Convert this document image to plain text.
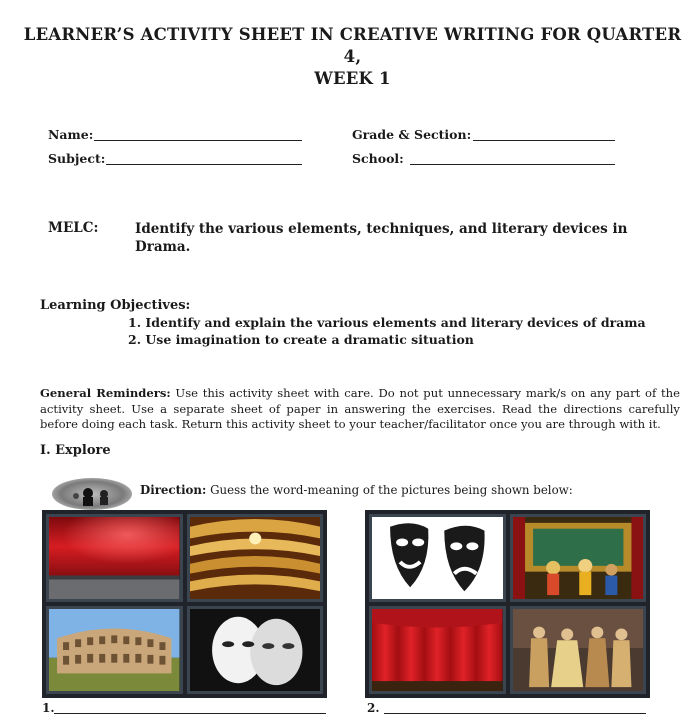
LEARNER’S ACTIVITY SHEET IN CREATIVE WRITING FOR QUARTER 4,
WEEK 1
Name:	Grade & Section:
Subject:	School:
MELC:	Identify the various elements, techniques, and literary devices in Drama.
Learning Objectives:
1. Identify and explain the various elements and literary devices of drama
2. Use imagination to create a dramatic situation
General Reminders: Use this activity sheet with care. Do not put unnecessary mark/s on any part of the activity sheet. Use a separate sheet of paper in answering the exercises. Read the directions carefully before doing each task. Return this activity sheet to your teacher/facilitator once you are through with it.
I. Explore
Direction: Guess the word-meaning of the pictures being shown below:
1.	2.
